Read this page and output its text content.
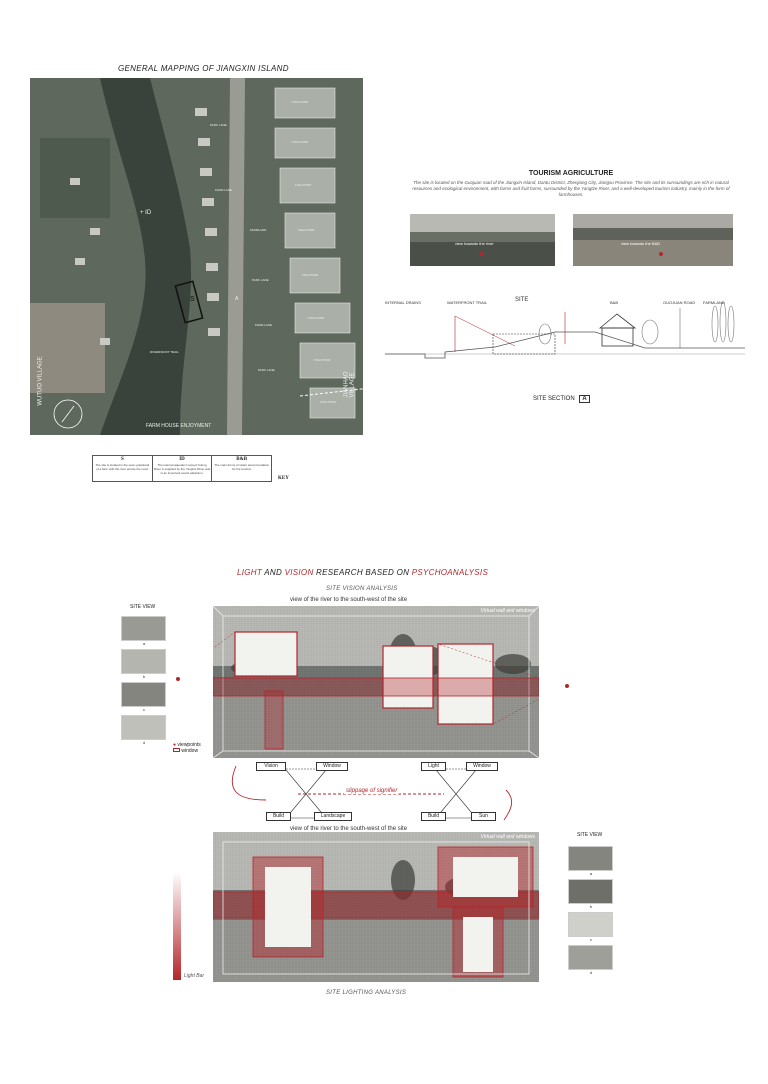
GENERAL MAPPING OF JIANGXIN ISLAND
+ ID
S	A
RIVERFRONT TRAIL
WUTUO VILLAGE	JIANHAO VILLAGE
FARM HOUSE ENJOYMENT
PARK LANE
FARM LANE
FARMLAND
PARK LANE
FARM LANE
PARK LANE
FISH POND
FISH POND
FISH POND
FISH POND
FISH POND
FISH POND
FISH POND
FISH POND
S
The site is located in the open grassland of a farm with the river across the road.
ID
The internal aqueduct named Yulong River is supplied by the Yangtze River and is an important tourist attraction.
B&B
The main forms of visitor accommodation for the tourism
KEY
TOURISM AGRICULTURE
The site is located on the Guojuan road of the Jiangxin Island, Dantu District, Zhenjiang City, Jiangsu Province. The site and its surroundings are rich in natural resources and ecological environment, with farms and fruit farms, surrounded by the Yangtze River, and a well-developed tourism industry, mainly in the form of farmhouses.
view towards the river	view towards the B&B
INTERNAL DRAINS	WATERFRONT TRAIL	SITE	B&B	GUOJUAN ROAD FARMLAND
SITE SECTION A
LIGHT AND VISION RESEARCH BASED ON PSYCHOANALYSIS
SITE VISION ANALYSIS
view of the river to the south-west of the site
SITE VIEW
a
b
c
d	● viewpoints
window
Virtual wall and windows
Vision	Window
Build	Landscape
Light	Window
Build	Sun
slippage of signifier
view of the river to the south-west of the site
Virtual wall and windows
Light Bar
SITE VIEW
a
b
c
d
SITE LIGHTING ANALYSIS
